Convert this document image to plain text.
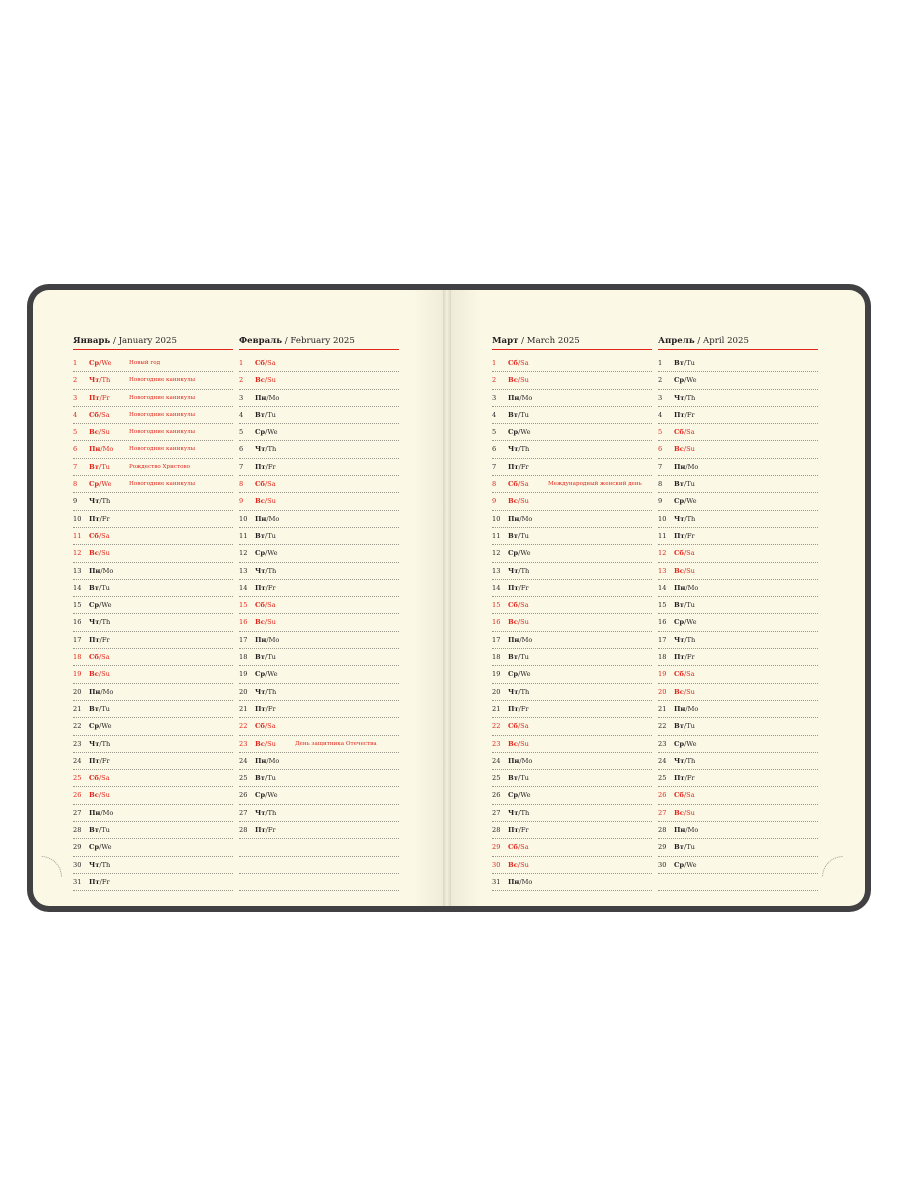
Январь / January 2025
1 Ср/We	Новый год
2 Чт/Th	Новогодние каникулы
3 Пт/Fr	Новогодние каникулы
4 Сб/Sa	Новогодние каникулы
5 Вс/Su	Новогодние каникулы
6 Пн/Mo	Новогодние каникулы
7 Вт/Tu	Рождество Христово
8 Ср/We	Новогодние каникулы
9 Чт/Th
10 Пт/Fr
11 Сб/Sa
12 Вс/Su
13 Пн/Mo
14 Вт/Tu
15 Ср/We
16 Чт/Th
17 Пт/Fr
18 Сб/Sa
19 Вс/Su
20 Пн/Mo
21 Вт/Tu
22 Ср/We
23 Чт/Th
24 Пт/Fr
25 Сб/Sa
26 Вс/Su
27 Пн/Mo
28 Вт/Tu
29 Ср/We
30 Чт/Th
31 Пт/Fr
Февраль / February 2025
1 Сб/Sa
2 Вс/Su
3 Пн/Mo
4 Вт/Tu
5 Ср/We
6 Чт/Th
7 Пт/Fr
8 Сб/Sa
9 Вс/Su
10 Пн/Mo
11 Вт/Tu
12 Ср/We
13 Чт/Th
14 Пт/Fr
15 Сб/Sa
16 Вс/Su
17 Пн/Mo
18 Вт/Tu
19 Ср/We
20 Чт/Th
21 Пт/Fr
22 Сб/Sa
23 Вс/Su	День защитника Отечества
24 Пн/Mo
25 Вт/Tu
26 Ср/We
27 Чт/Th
28 Пт/Fr
Март / March 2025
1 Сб/Sa
2 Вс/Su
3 Пн/Mo
4 Вт/Tu
5 Ср/We
6 Чт/Th
7 Пт/Fr
8 Сб/Sa	Международный женский день
9 Вс/Su
10 Пн/Mo
11 Вт/Tu
12 Ср/We
13 Чт/Th
14 Пт/Fr
15 Сб/Sa
16 Вс/Su
17 Пн/Mo
18 Вт/Tu
19 Ср/We
20 Чт/Th
21 Пт/Fr
22 Сб/Sa
23 Вс/Su
24 Пн/Mo
25 Вт/Tu
26 Ср/We
27 Чт/Th
28 Пт/Fr
29 Сб/Sa
30 Вс/Su
31 Пн/Mo
Апрель / April 2025
1 Вт/Tu
2 Ср/We
3 Чт/Th
4 Пт/Fr
5 Сб/Sa
6 Вс/Su
7 Пн/Mo
8 Вт/Tu
9 Ср/We
10 Чт/Th
11 Пт/Fr
12 Сб/Sa
13 Вс/Su
14 Пн/Mo
15 Вт/Tu
16 Ср/We
17 Чт/Th
18 Пт/Fr
19 Сб/Sa
20 Вс/Su
21 Пн/Mo
22 Вт/Tu
23 Ср/We
24 Чт/Th
25 Пт/Fr
26 Сб/Sa
27 Вс/Su
28 Пн/Mo
29 Вт/Tu
30 Ср/We
